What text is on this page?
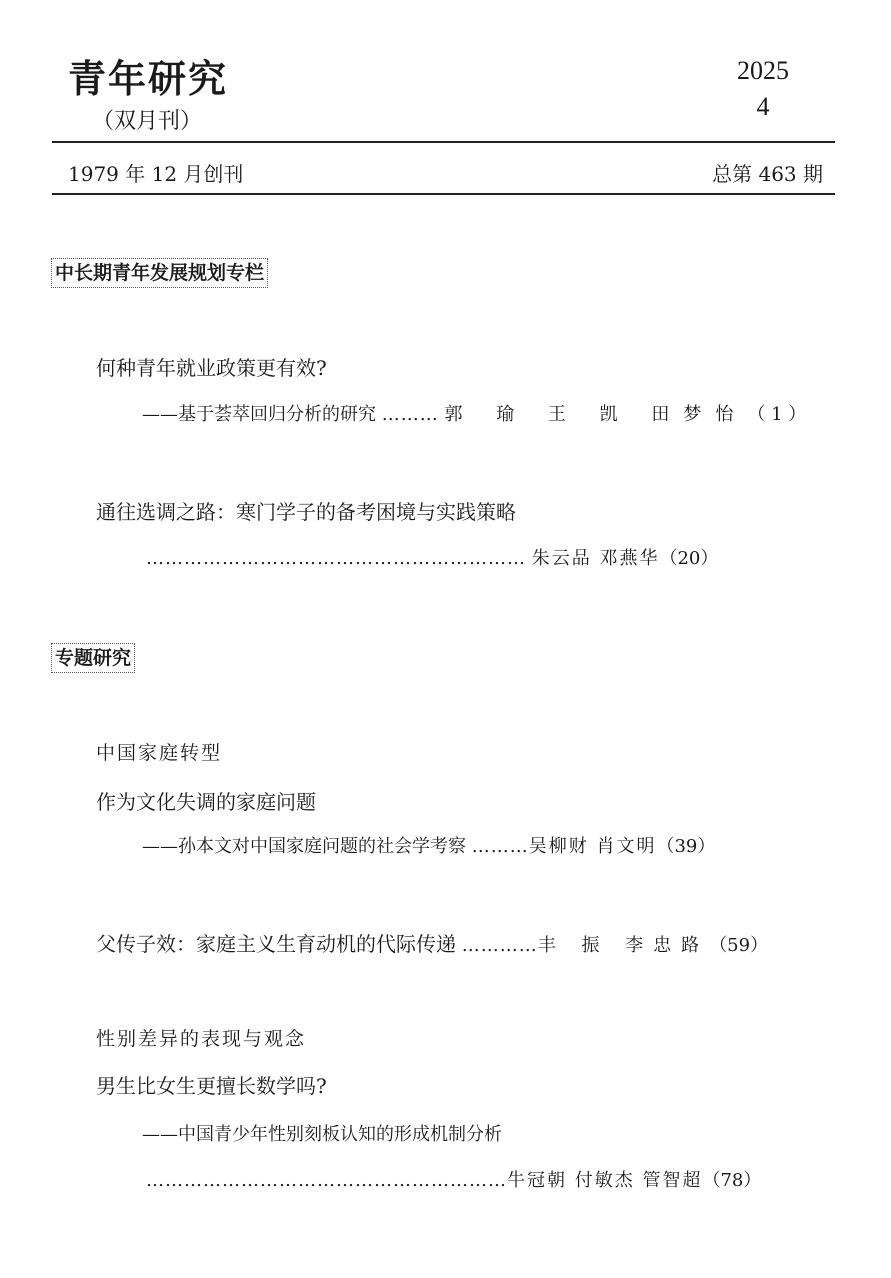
青年研究
（双月刊）
2025
4
1979 年 12 月创刊	总第 463 期
中长期青年发展规划专栏
何种青年就业政策更有效?
——基于荟萃回归分析的研究 ……… 郭 瑜 王 凯 田梦怡（ 1 ）
通往选调之路：寒门学子的备考困境与实践策略
…………………………………………………… 朱云品 邓燕华（20）
专题研究
中国家庭转型
作为文化失调的家庭问题
——孙本文对中国家庭问题的社会学考察 ………吴柳财 肖文明（39）
父传子效：家庭主义生育动机的代际传递 …………丰 振 李忠路（59）
性别差异的表现与观念
男生比女生更擅长数学吗?
——中国青少年性别刻板认知的形成机制分析
…………………………………………………牛冠朝 付敏杰 管智超（78）
